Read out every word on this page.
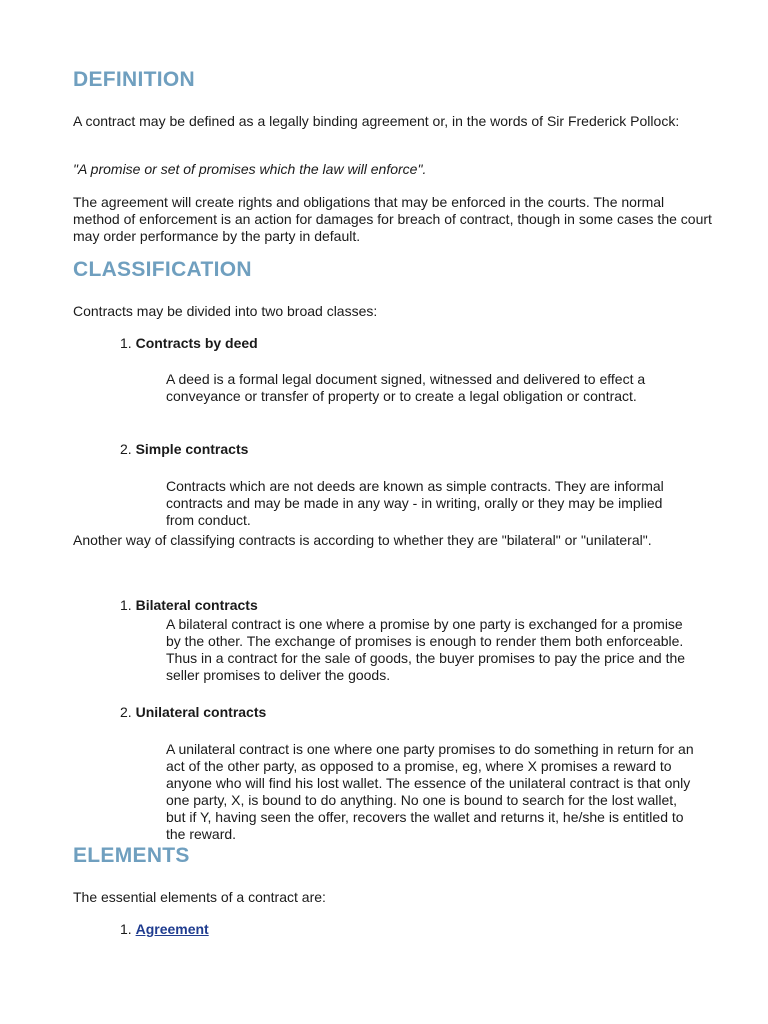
DEFINITION

A contract may be defined as a legally binding agreement or, in the words of Sir Frederick Pollock:

"A promise or set of promises which the law will enforce".

The agreement will create rights and obligations that may be enforced in the courts. The normal method of enforcement is an action for damages for breach of contract, though in some cases the court may order performance by the party in default.

CLASSIFICATION

Contracts may be divided into two broad classes:

1. Contracts by deed

A deed is a formal legal document signed, witnessed and delivered to effect a conveyance or transfer of property or to create a legal obligation or contract.

2. Simple contracts

Contracts which are not deeds are known as simple contracts. They are informal contracts and may be made in any way - in writing, orally or they may be implied from conduct.

Another way of classifying contracts is according to whether they are "bilateral" or "unilateral".

1. Bilateral contracts

A bilateral contract is one where a promise by one party is exchanged for a promise by the other. The exchange of promises is enough to render them both enforceable. Thus in a contract for the sale of goods, the buyer promises to pay the price and the seller promises to deliver the goods.

2. Unilateral contracts

A unilateral contract is one where one party promises to do something in return for an act of the other party, as opposed to a promise, eg, where X promises a reward to anyone who will find his lost wallet. The essence of the unilateral contract is that only one party, X, is bound to do anything. No one is bound to search for the lost wallet, but if Y, having seen the offer, recovers the wallet and returns it, he/she is entitled to the reward.

ELEMENTS

The essential elements of a contract are:

1. Agreement
